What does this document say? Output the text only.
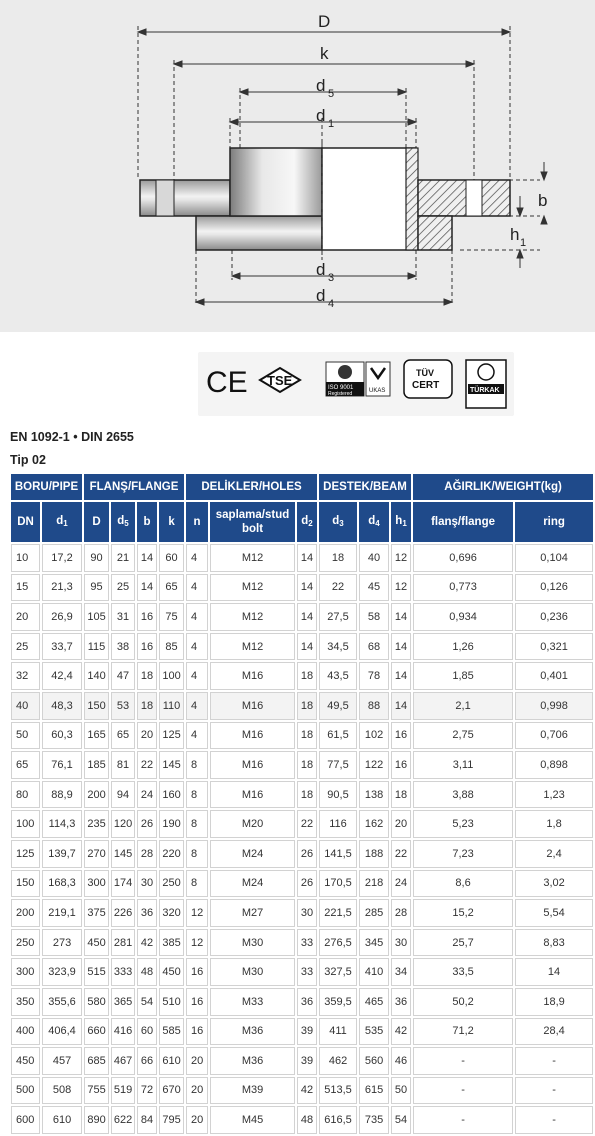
D
k
d 5
d 1
d 3
d 4
b
h 1
CE TSE	ISO 9001
Registered	UKAS
TÜV
CERT	TÜRKAK
EN 1092-1 • DIN 2655
Tip 02
BORU/PIPE		FLANŞ/FLANGE				DELİKLER/HOLES			DESTEK/BEAM			AĞIRLIK/WEIGHT(kg)	
DN	$d_1$	D	$d_5$	b	k	n	saplama/stud
bolt	$d_2$	$d_3$	$d_4$	$h_1$	flanş/flange	ring
10	17,2	90	21	14	60	4	M12	14	18	40	12	0,696	0,104
15	21,3	95	25	14	65	4	M12	14	22	45	12	0,773	0,126
20	26,9	105	31	16	75	4	M12	14	27,5	58	14	0,934	0,236
25	33,7	115	38	16	85	4	M12	14	34,5	68	14	1,26	0,321
32	42,4	140	47	18	100	4	M16	18	43,5	78	14	1,85	0,401
40	48,3	150	53	18	110	4	M16	18	49,5	88	14	2,1	0,998
50	60,3	165	65	20	125	4	M16	18	61,5	102	16	2,75	0,706
65	76,1	185	81	22	145	8	M16	18	77,5	122	16	3,11	0,898
80	88,9	200	94	24	160	8	M16	18	90,5	138	18	3,88	1,23
100	114,3	235	120	26	190	8	M20	22	116	162	20	5,23	1,8
125	139,7	270	145	28	220	8	M24	26	141,5	188	22	7,23	2,4
150	168,3	300	174	30	250	8	M24	26	170,5	218	24	8,6	3,02
200	219,1	375	226	36	320	12	M27	30	221,5	285	28	15,2	5,54
250	273	450	281	42	385	12	M30	33	276,5	345	30	25,7	8,83
300	323,9	515	333	48	450	16	M30	33	327,5	410	34	33,5	14
350	355,6	580	365	54	510	16	M33	36	359,5	465	36	50,2	18,9
400	406,4	660	416	60	585	16	M36	39	411	535	42	71,2	28,4
450	457	685	467	66	610	20	M36	39	462	560	46	-	-
500	508	755	519	72	670	20	M39	42	513,5	615	50	-	-
600	610	890	622	84	795	20	M45	48	616,5	735	54	-	-
